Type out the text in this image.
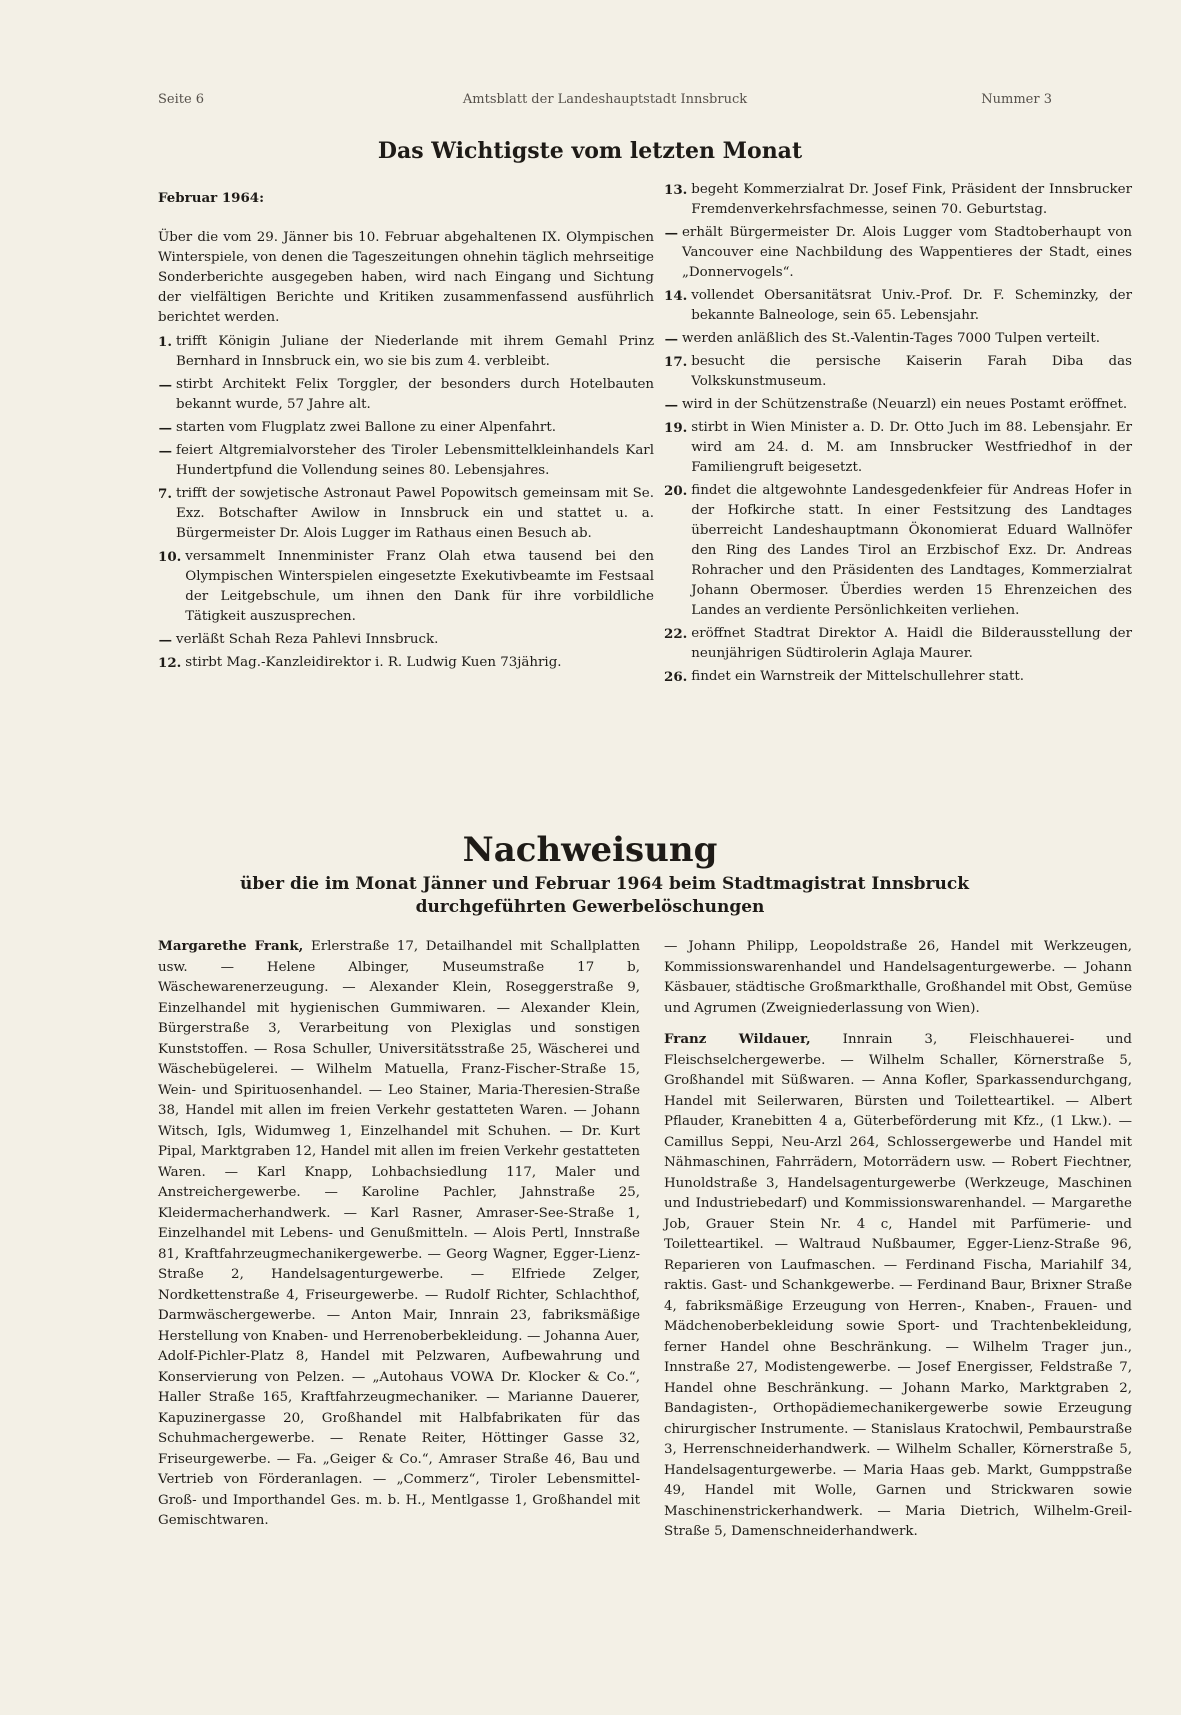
Seite 6	Amtsblatt der Landeshauptstadt Innsbruck	Nummer 3
Das Wichtigste vom letzten Monat

Februar 1964:

Über die vom 29. Jänner bis 10. Februar abgehaltenen IX. Olympischen Winterspiele, von denen die Tageszeitungen ohnehin täglich mehrseitige Sonderberichte ausgegeben haben, wird nach Eingang und Sichtung der vielfältigen Berichte und Kritiken zusammenfassend ausführlich berichtet werden.

1. trifft Königin Juliane der Niederlande mit ihrem Gemahl Prinz Bernhard in Innsbruck ein, wo sie bis zum 4. verbleibt.
— stirbt Architekt Felix Torggler, der besonders durch Hotelbauten bekannt wurde, 57 Jahre alt.
— starten vom Flugplatz zwei Ballone zu einer Alpenfahrt.
— feiert Altgremialvorsteher des Tiroler Lebensmittelkleinhandels Karl Hundertpfund die Vollendung seines 80. Lebensjahres.
7. trifft der sowjetische Astronaut Pawel Popowitsch gemeinsam mit Se. Exz. Botschafter Awilow in Innsbruck ein und stattet u. a. Bürgermeister Dr. Alois Lugger im Rathaus einen Besuch ab.
10. versammelt Innenminister Franz Olah etwa tausend bei den Olympischen Winterspielen eingesetzte Exekutivbeamte im Festsaal der Leitgebschule, um ihnen den Dank für ihre vorbildliche Tätigkeit auszusprechen.
— verläßt Schah Reza Pahlevi Innsbruck.
12. stirbt Mag.-Kanzleidirektor i. R. Ludwig Kuen 73jährig.
13. begeht Kommerzialrat Dr. Josef Fink, Präsident der Innsbrucker Fremdenverkehrsfachmesse, seinen 70. Geburtstag.
— erhält Bürgermeister Dr. Alois Lugger vom Stadtoberhaupt von Vancouver eine Nachbildung des Wappentieres der Stadt, eines „Donnervogels“.
14. vollendet Obersanitätsrat Univ.-Prof. Dr. F. Scheminzky, der bekannte Balneologe, sein 65. Lebensjahr.
— werden anläßlich des St.-Valentin-Tages 7000 Tulpen verteilt.
17. besucht die persische Kaiserin Farah Diba das Volkskunstmuseum.
— wird in der Schützenstraße (Neuarzl) ein neues Postamt eröffnet.
19. stirbt in Wien Minister a. D. Dr. Otto Juch im 88. Lebensjahr. Er wird am 24. d. M. am Innsbrucker Westfriedhof in der Familiengruft beigesetzt.
20. findet die altgewohnte Landesgedenkfeier für Andreas Hofer in der Hofkirche statt. In einer Festsitzung des Landtages überreicht Landeshauptmann Ökonomierat Eduard Wallnöfer den Ring des Landes Tirol an Erzbischof Exz. Dr. Andreas Rohracher und den Präsidenten des Landtages, Kommerzialrat Johann Obermoser. Überdies werden 15 Ehrenzeichen des Landes an verdiente Persönlichkeiten verliehen.
22. eröffnet Stadtrat Direktor A. Haidl die Bilderausstellung der neunjährigen Südtirolerin Aglaja Maurer.
26. findet ein Warnstreik der Mittelschullehrer statt.
Nachweisung
über die im Monat Jänner und Februar 1964 beim Stadtmagistrat Innsbruck
durchgeführten Gewerbelöschungen

Margarethe Frank, Erlerstraße 17, Detailhandel mit Schallplatten usw. — Helene Albinger, Museumstraße 17 b, Wäschewarenerzeugung. — Alexander Klein, Roseggerstraße 9, Einzelhandel mit hygienischen Gummiwaren. — Alexander Klein, Bürgerstraße 3, Verarbeitung von Plexiglas und sonstigen Kunststoffen. — Rosa Schuller, Universitätsstraße 25, Wäscherei und Wäschebügelerei. — Wilhelm Matuella, Franz-Fischer-Straße 15, Wein- und Spirituosenhandel. — Leo Stainer, Maria-Theresien-Straße 38, Handel mit allen im freien Verkehr gestatteten Waren. — Johann Witsch, Igls, Widumweg 1, Einzelhandel mit Schuhen. — Dr. Kurt Pipal, Marktgraben 12, Handel mit allen im freien Verkehr gestatteten Waren. — Karl Knapp, Lohbachsiedlung 117, Maler und Anstreichergewerbe. — Karoline Pachler, Jahnstraße 25, Kleidermacherhandwerk. — Karl Rasner, Amraser-See-Straße 1, Einzelhandel mit Lebens- und Genußmitteln. — Alois Pertl, Innstraße 81, Kraftfahrzeugmechanikergewerbe. — Georg Wagner, Egger-Lienz-Straße 2, Handelsagenturgewerbe. — Elfriede Zelger, Nordkettenstraße 4, Friseurgewerbe. — Rudolf Richter, Schlachthof, Darmwäschergewerbe. — Anton Mair, Innrain 23, fabriksmäßige Herstellung von Knaben- und Herrenoberbekleidung. — Johanna Auer, Adolf-Pichler-Platz 8, Handel mit Pelzwaren, Aufbewahrung und Konservierung von Pelzen. — „Autohaus VOWA Dr. Klocker & Co.“, Haller Straße 165, Kraftfahrzeugmechaniker. — Marianne Dauerer, Kapuzinergasse 20, Großhandel mit Halbfabrikaten für das Schuhmachergewerbe. — Renate Reiter, Höttinger Gasse 32, Friseurgewerbe. — Fa. „Geiger & Co.“, Amraser Straße 46, Bau und Vertrieb von Förderanlagen. — „Commerz“, Tiroler Lebensmittel-Groß- und Importhandel Ges. m. b. H., Mentlgasse 1, Großhandel mit Gemischtwaren.

— Johann Philipp, Leopoldstraße 26, Handel mit Werkzeugen, Kommissionswarenhandel und Handelsagenturgewerbe. — Johann Käsbauer, städtische Großmarkthalle, Großhandel mit Obst, Gemüse und Agrumen (Zweigniederlassung von Wien).

Franz Wildauer, Innrain 3, Fleischhauerei- und Fleischselchergewerbe. — Wilhelm Schaller, Körnerstraße 5, Großhandel mit Süßwaren. — Anna Kofler, Sparkassendurchgang, Handel mit Seilerwaren, Bürsten und Toiletteartikel. — Albert Pflauder, Kranebitten 4 a, Güterbeförderung mit Kfz., (1 Lkw.). — Camillus Seppi, Neu-Arzl 264, Schlossergewerbe und Handel mit Nähmaschinen, Fahrrädern, Motorrädern usw. — Robert Fiechtner, Hunoldstraße 3, Handelsagenturgewerbe (Werkzeuge, Maschinen und Industriebedarf) und Kommissionswarenhandel. — Margarethe Job, Grauer Stein Nr. 4 c, Handel mit Parfümerie- und Toiletteartikel. — Waltraud Nußbaumer, Egger-Lienz-Straße 96, Reparieren von Laufmaschen. — Ferdinand Fischa, Mariahilf 34, raktis. Gast- und Schankgewerbe. — Ferdinand Baur, Brixner Straße 4, fabriksmäßige Erzeugung von Herren-, Knaben-, Frauen- und Mädchenoberbekleidung sowie Sport- und Trachtenbekleidung, ferner Handel ohne Beschränkung. — Wilhelm Trager jun., Innstraße 27, Modistengewerbe. — Josef Energisser, Feldstraße 7, Handel ohne Beschränkung. — Johann Marko, Marktgraben 2, Bandagisten-, Orthopädiemechanikergewerbe sowie Erzeugung chirurgischer Instrumente. — Stanislaus Kratochwil, Pembaurstraße 3, Herrenschneiderhandwerk. — Wilhelm Schaller, Körnerstraße 5, Handelsagenturgewerbe. — Maria Haas geb. Markt, Gumppstraße 49, Handel mit Wolle, Garnen und Strickwaren sowie Maschinenstrickerhandwerk. — Maria Dietrich, Wilhelm-Greil-Straße 5, Damenschneiderhandwerk.
